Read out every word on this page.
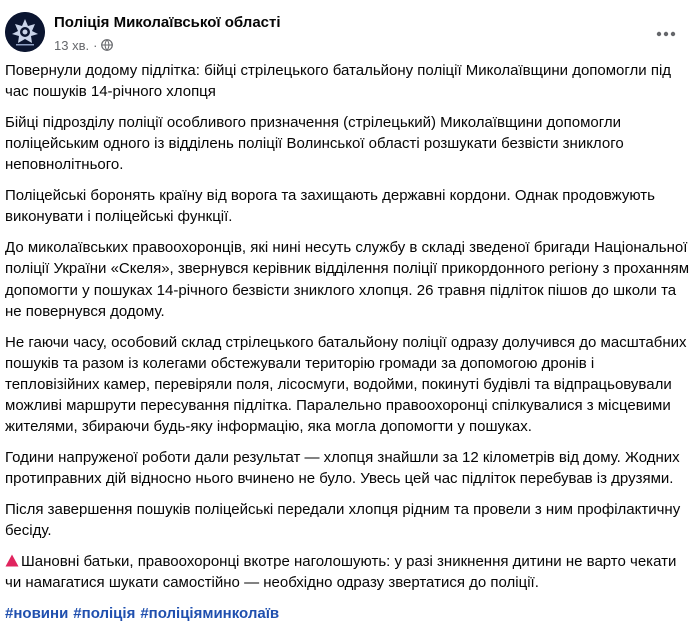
Поліція Миколаївської області
13 хв. ·

Повернули додому підлітка: бійці стрілецького батальйону поліції Миколаївщини допомогли під час пошуків 14-річного хлопця

Бійці підрозділу поліції особливого призначення (стрілецький) Миколаївщини допомогли поліцейським одного із відділень поліції Волинської області розшукати безвісти зниклого неповнолітнього.

Поліцейські боронять країну від ворога та захищають державні кордони. Однак продовжують виконувати і поліцейські функції.

До миколаївських правоохоронців, які нині несуть службу в складі зведеної бригади Національної поліції України «Скеля», звернувся керівник відділення поліції прикордонного регіону з проханням допомогти у пошуках 14-річного безвісти зниклого хлопця. 26 травня підліток пішов до школи та не повернувся додому.

Не гаючи часу, особовий склад стрілецького батальйону поліції одразу долучився до масштабних пошуків та разом із колегами обстежували територію громади за допомогою дронів і тепловізійних камер, перевіряли поля, лісосмуги, водойми, покинуті будівлі та відпрацьовували можливі маршрути пересування підлітка. Паралельно правоохоронці спілкувалися з місцевими жителями, збираючи будь-яку інформацію, яка могла допомогти у пошуках.

Години напруженої роботи дали результат — хлопця знайшли за 12 кілометрів від дому. Жодних протиправних дій відносно нього вчинено не було. Увесь цей час підліток перебував із друзями.

Після завершення пошуків поліцейські передали хлопця рідним та провели з ним профілактичну бесіду.

Шановні батьки, правоохоронці вкотре наголошують: у разі зникнення дитини не варто чекати чи намагатися шукати самостійно — необхідно одразу звертатися до поліції.

#новини #поліція #поліціяминколаїв
